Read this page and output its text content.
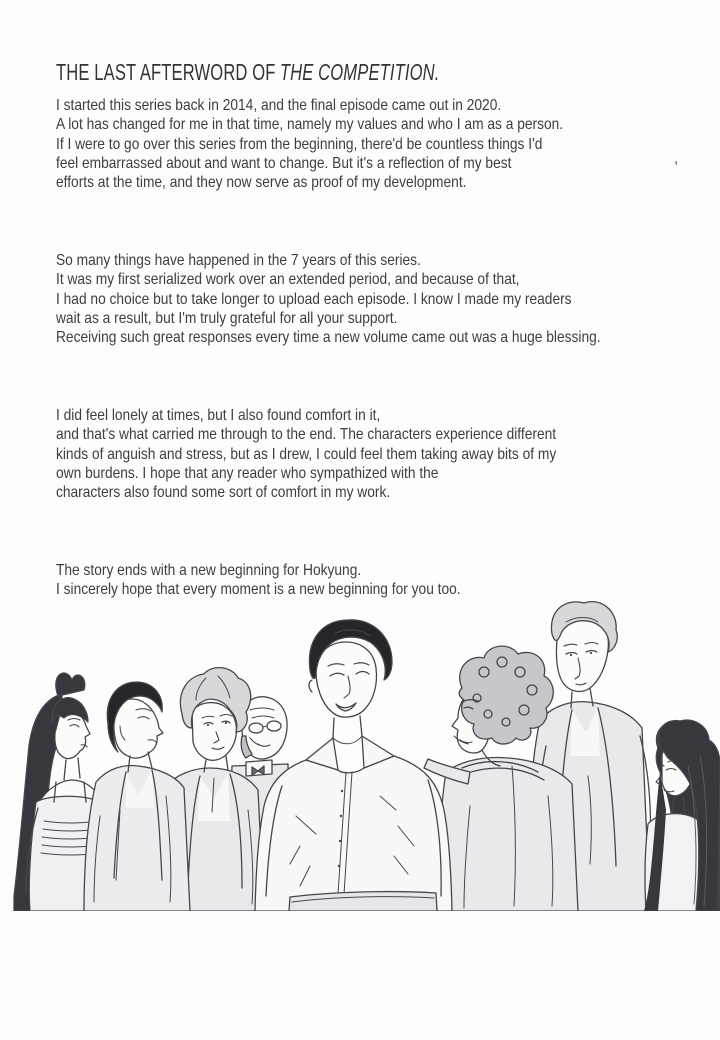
THE LAST AFTERWORD OF THE COMPETITION.
,
I started this series back in 2014, and the final episode came out in 2020.
A lot has changed for me in that time, namely my values and who I am as a person.
If I were to go over this series from the beginning, there'd be countless things I'd
feel embarrassed about and want to change. But it's a reflection of my best
efforts at the time, and they now serve as proof of my development.
So many things have happened in the 7 years of this series.
It was my first serialized work over an extended period, and because of that,
I had no choice but to take longer to upload each episode. I know I made my readers
wait as a result, but I'm truly grateful for all your support.
Receiving such great responses every time a new volume came out was a huge blessing.
I did feel lonely at times, but I also found comfort in it,
and that's what carried me through to the end. The characters experience different
kinds of anguish and stress, but as I drew, I could feel them taking away bits of my
own burdens. I hope that any reader who sympathized with the
characters also found some sort of comfort in my work.
The story ends with a new beginning for Hokyung.
I sincerely hope that every moment is a new beginning for you too.
